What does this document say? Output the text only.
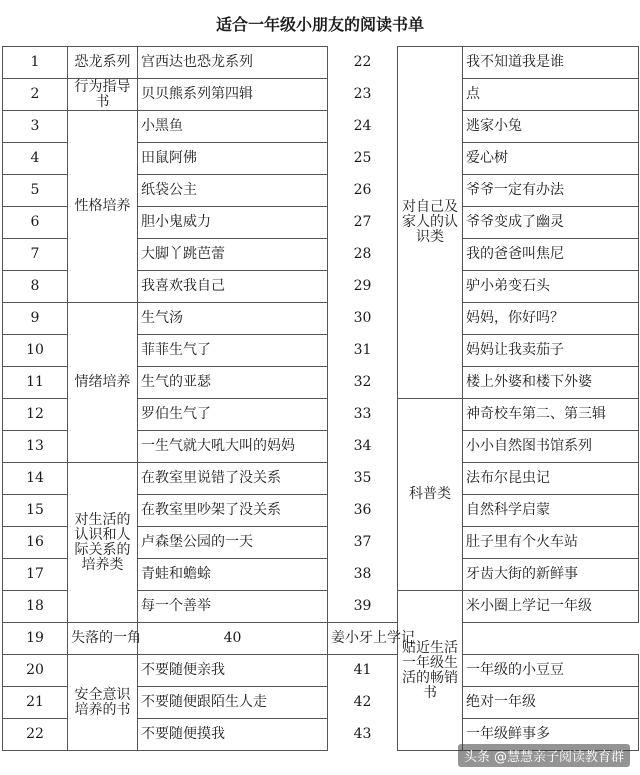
适合一年级小朋友的阅读书单
1	恐龙系列	宫西达也恐龙系列	22	对自己及家人的认识类	我不知道我是谁
2	行为指导书	贝贝熊系列第四辑	23		点
3	性格培养	小黑鱼	24		逃家小兔
4		田鼠阿佛	25		爱心树
5		纸袋公主	26		爷爷一定有办法
6		胆小鬼威力	27		爷爷变成了幽灵
7		大脚丫跳芭蕾	28		我的爸爸叫焦尼
8		我喜欢我自己	29		驴小弟变石头
9	情绪培养	生气汤	30		妈妈，你好吗？
10		菲菲生气了	31		妈妈让我卖茄子
11		生气的亚瑟	32		楼上外婆和楼下外婆
12		罗伯生气了	33	科普类	神奇校车第二、第三辑
13		一生气就大吼大叫的妈妈	34		小小自然图书馆系列
14	对生活的认识和人际关系的培养类	在教室里说错了没关系	35		法布尔昆虫记
15		在教室里吵架了没关系	36		自然科学启蒙
16		卢森堡公园的一天	37		肚子里有个火车站
17		青蛙和蟾蜍	38		牙齿大街的新鲜事
18		每一个善举	39	贴近生活一年级生活的畅销书	米小圈上学记一年级
19	失落的一角	40	姜小牙上学记		
20	安全意识培养的书	不要随便亲我	41		一年级的小豆豆
21		不要随便跟陌生人走	42		绝对一年级
22		不要随便摸我	43		一年级鲜事多
头条 @慧慧亲子阅读教育群
